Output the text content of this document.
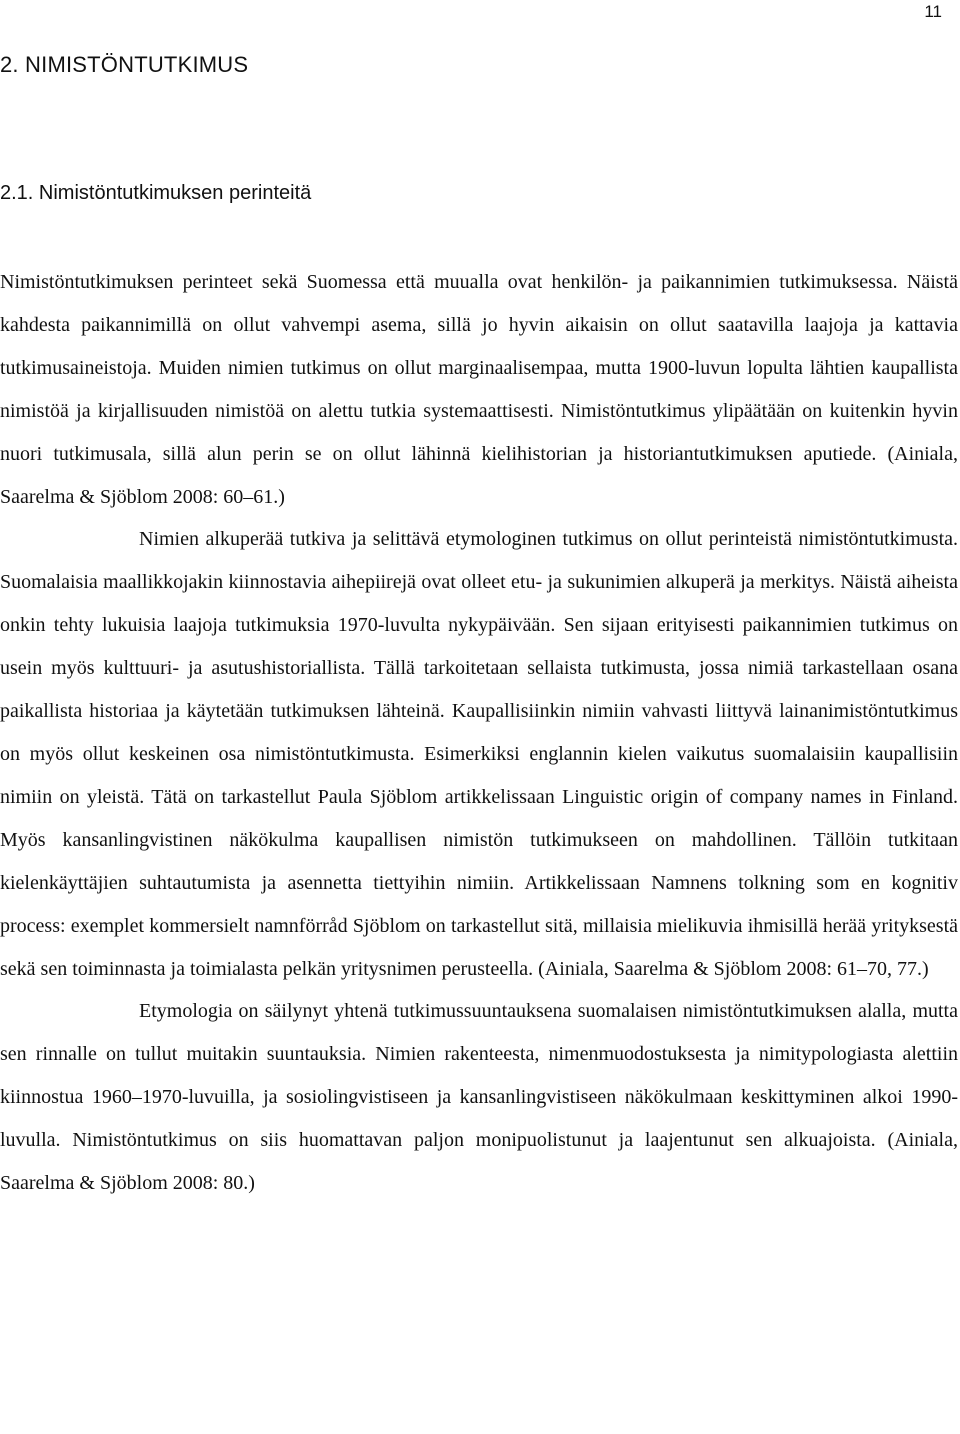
11
2. NIMISTÖNTUTKIMUS
2.1. Nimistöntutkimuksen perinteitä

Nimistöntutkimuksen perinteet sekä Suomessa että muualla ovat henkilön- ja paikannimien tutkimuksessa. Näistä kahdesta paikannimillä on ollut vahvempi asema, sillä jo hyvin aikaisin on ollut saatavilla laajoja ja kattavia tutkimusaineistoja. Muiden nimien tutkimus on ollut marginaalisempaa, mutta 1900-luvun lopulta lähtien kaupallista nimistöä ja kirjallisuuden nimistöä on alettu tutkia systemaattisesti. Nimistöntutkimus ylipäätään on kuitenkin hyvin nuori tutkimusala, sillä alun perin se on ollut lähinnä kielihistorian ja historiantutkimuksen aputiede. (Ainiala, Saarelma & Sjöblom 2008: 60–61.)

Nimien alkuperää tutkiva ja selittävä etymologinen tutkimus on ollut perinteistä nimistöntutkimusta. Suomalaisia maallikkojakin kiinnostavia aihepiirejä ovat olleet etu- ja sukunimien alkuperä ja merkitys. Näistä aiheista onkin tehty lukuisia laajoja tutkimuksia 1970-luvulta nykypäivään. Sen sijaan erityisesti paikannimien tutkimus on usein myös kulttuuri- ja asutushistoriallista. Tällä tarkoitetaan sellaista tutkimusta, jossa nimiä tarkastellaan osana paikallista historiaa ja käytetään tutkimuksen lähteinä. Kaupallisiinkin nimiin vahvasti liittyvä lainanimistöntutkimus on myös ollut keskeinen osa nimistöntutkimusta. Esimerkiksi englannin kielen vaikutus suomalaisiin kaupallisiin nimiin on yleistä. Tätä on tarkastellut Paula Sjöblom artikkelissaan Linguistic origin of company names in Finland. Myös kansanlingvistinen näkökulma kaupallisen nimistön tutkimukseen on mahdollinen. Tällöin tutkitaan kielenkäyttäjien suhtautumista ja asennetta tiettyihin nimiin. Artikkelissaan Namnens tolkning som en kognitiv process: exemplet kommersielt namnförråd Sjöblom on tarkastellut sitä, millaisia mielikuvia ihmisillä herää yrityksestä sekä sen toiminnasta ja toimialasta pelkän yritysnimen perusteella. (Ainiala, Saarelma & Sjöblom 2008: 61–70, 77.)

Etymologia on säilynyt yhtenä tutkimussuuntauksena suomalaisen nimistöntutkimuksen alalla, mutta sen rinnalle on tullut muitakin suuntauksia. Nimien rakenteesta, nimenmuodostuksesta ja nimitypologiasta alettiin kiinnostua 1960–1970-luvuilla, ja sosiolingvistiseen ja kansanlingvistiseen näkökulmaan keskittyminen alkoi 1990-luvulla. Nimistöntutkimus on siis huomattavan paljon monipuolistunut ja laajentunut sen alkuajoista. (Ainiala, Saarelma & Sjöblom 2008: 80.)
